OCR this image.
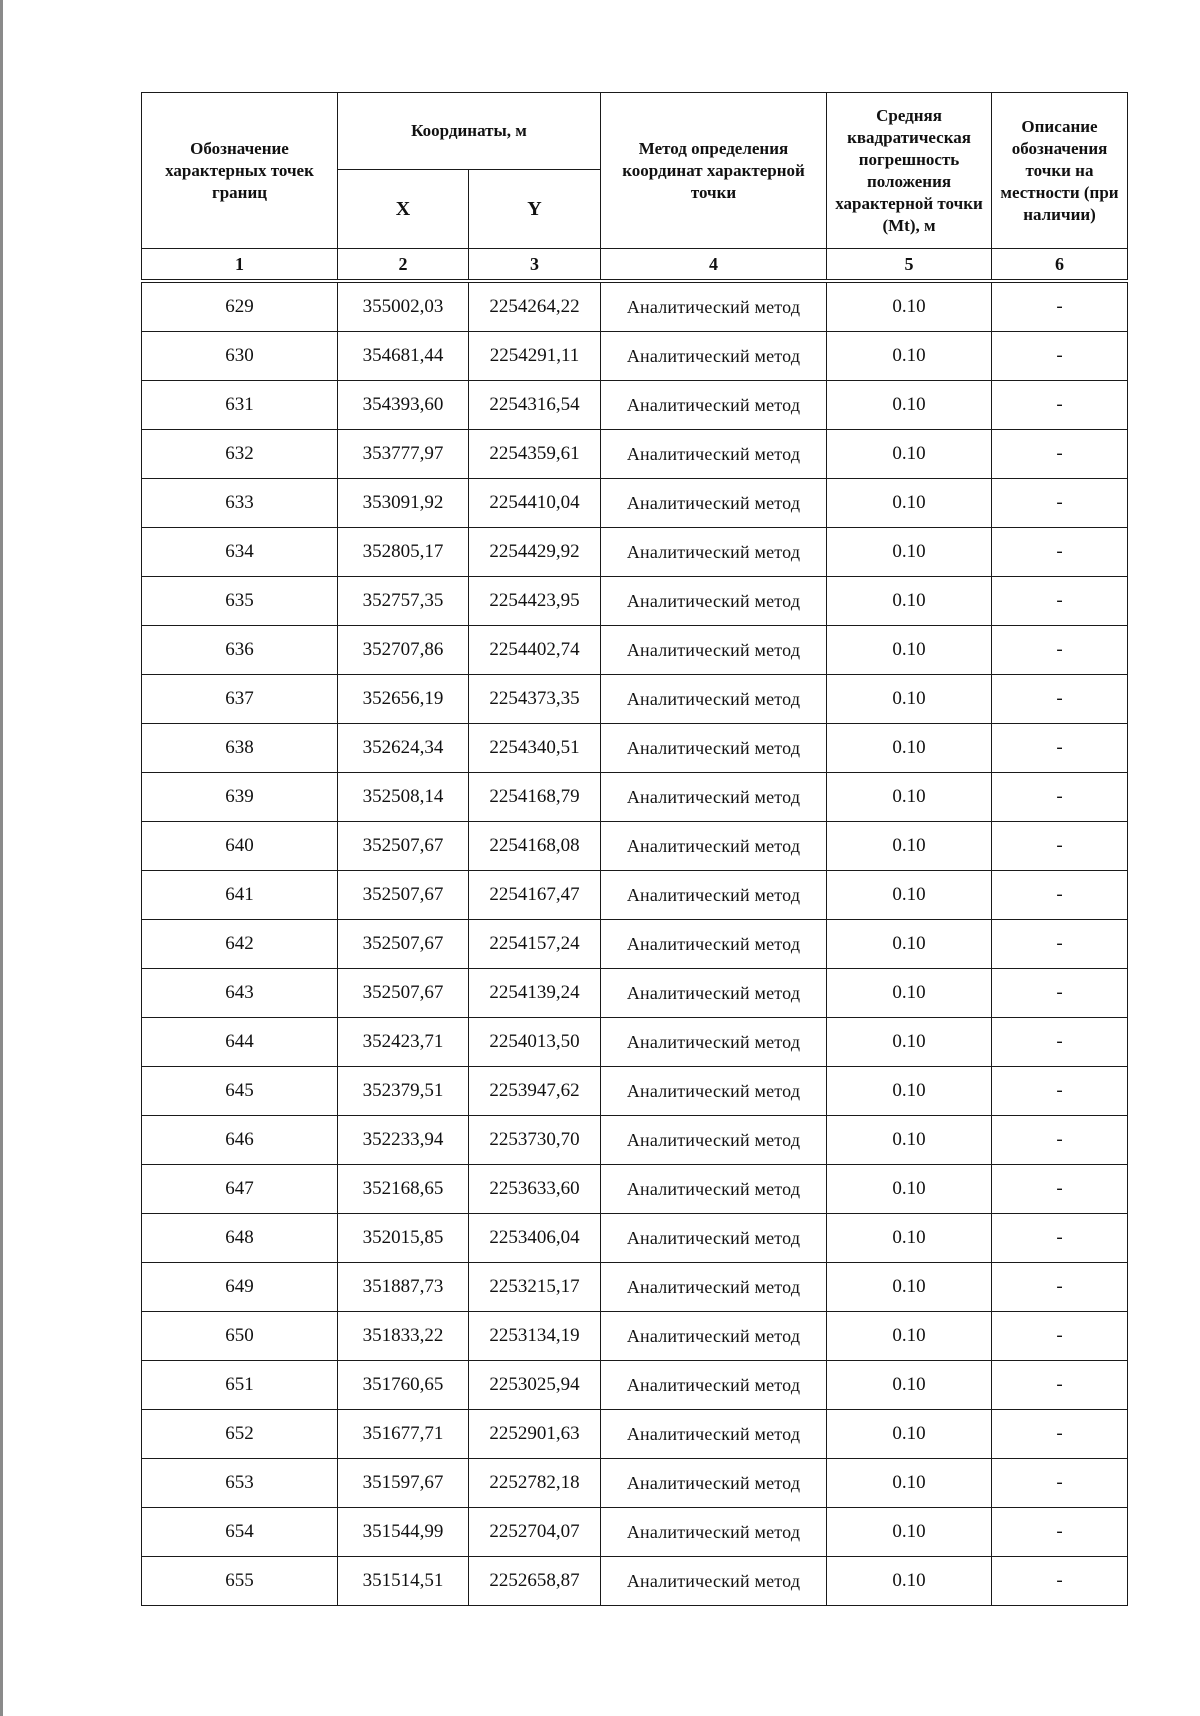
Обозначение характерных точек границ	Координаты, м		Метод определения координат характерной точки	Средняя квадратическая погрешность положения характерной точки (Mt), м	Описание обозначения точки на местности (при наличии)
	X	Y			
1	2	3	4	5	6
629	355002,03	2254264,22	Аналитический метод	0.10	-
630	354681,44	2254291,11	Аналитический метод	0.10	-
631	354393,60	2254316,54	Аналитический метод	0.10	-
632	353777,97	2254359,61	Аналитический метод	0.10	-
633	353091,92	2254410,04	Аналитический метод	0.10	-
634	352805,17	2254429,92	Аналитический метод	0.10	-
635	352757,35	2254423,95	Аналитический метод	0.10	-
636	352707,86	2254402,74	Аналитический метод	0.10	-
637	352656,19	2254373,35	Аналитический метод	0.10	-
638	352624,34	2254340,51	Аналитический метод	0.10	-
639	352508,14	2254168,79	Аналитический метод	0.10	-
640	352507,67	2254168,08	Аналитический метод	0.10	-
641	352507,67	2254167,47	Аналитический метод	0.10	-
642	352507,67	2254157,24	Аналитический метод	0.10	-
643	352507,67	2254139,24	Аналитический метод	0.10	-
644	352423,71	2254013,50	Аналитический метод	0.10	-
645	352379,51	2253947,62	Аналитический метод	0.10	-
646	352233,94	2253730,70	Аналитический метод	0.10	-
647	352168,65	2253633,60	Аналитический метод	0.10	-
648	352015,85	2253406,04	Аналитический метод	0.10	-
649	351887,73	2253215,17	Аналитический метод	0.10	-
650	351833,22	2253134,19	Аналитический метод	0.10	-
651	351760,65	2253025,94	Аналитический метод	0.10	-
652	351677,71	2252901,63	Аналитический метод	0.10	-
653	351597,67	2252782,18	Аналитический метод	0.10	-
654	351544,99	2252704,07	Аналитический метод	0.10	-
655	351514,51	2252658,87	Аналитический метод	0.10	-
